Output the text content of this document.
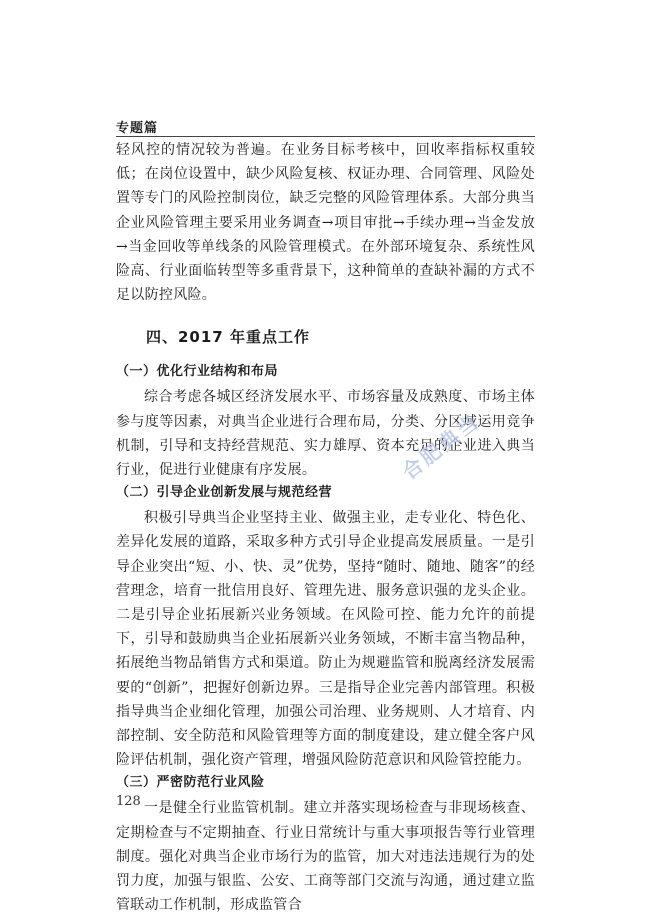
专题篇

轻风控的情况较为普遍。在业务目标考核中，回收率指标权重较低；在岗位设置中，缺少风险复核、权证办理、合同管理、风险处置等专门的风险控制岗位，缺乏完整的风险管理体系。大部分典当企业风险管理主要采用业务调查→项目审批→手续办理→当金发放→当金回收等单线条的风险管理模式。在外部环境复杂、系统性风险高、行业面临转型等多重背景下，这种简单的查缺补漏的方式不足以防控风险。

四、2017 年重点工作
（一）优化行业结构和布局

综合考虑各城区经济发展水平、市场容量及成熟度、市场主体参与度等因素，对典当企业进行合理布局，分类、分区域运用竞争机制，引导和支持经营规范、实力雄厚、资本充足的企业进入典当行业，促进行业健康有序发展。

（二）引导企业创新发展与规范经营

积极引导典当企业坚持主业、做强主业，走专业化、特色化、差异化发展的道路，采取多种方式引导企业提高发展质量。一是引导企业突出“短、小、快、灵”优势，坚持“随时、随地、随客”的经营理念，培育一批信用良好、管理先进、服务意识强的龙头企业。二是引导企业拓展新兴业务领域。在风险可控、能力允许的前提下，引导和鼓励典当企业拓展新兴业务领域，不断丰富当物品种，拓展绝当物品销售方式和渠道。防止为规避监管和脱离经济发展需要的“创新”，把握好创新边界。三是指导企业完善内部管理。积极指导典当企业细化管理，加强公司治理、业务规则、人才培育、内部控制、安全防范和风险管理等方面的制度建设，建立健全客户风险评估机制，强化资产管理，增强风险防范意识和风险管控能力。

（三）严密防范行业风险

一是健全行业监管机制。建立并落实现场检查与非现场核查、定期检查与不定期抽查、行业日常统计与重大事项报告等行业管理制度。强化对典当企业市场行为的监管，加大对违法违规行为的处罚力度，加强与银监、公安、工商等部门交流与沟通，通过建立监管联动工作机制，形成监管合

合肥典当
128
